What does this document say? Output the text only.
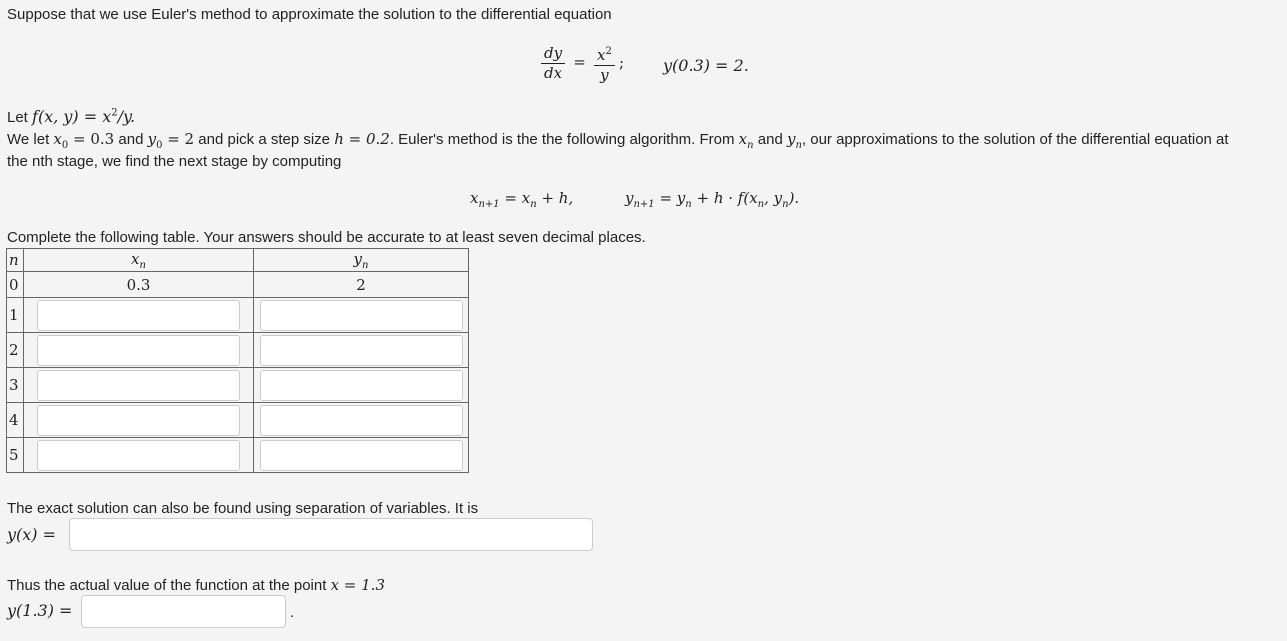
Suppose that we use Euler's method to approximate the solution to the differential equation
$\frac{dy}{dx} = \frac{x^2}{y}$ ; y(0.3) = 2.
Let f(x, $y) = x^2/y$.
We let $x_0 = 0.3$ and $y_0 = 2$ and pick a step size h = 0.2. Euler's method is the the following algorithm. From $x_n$ and $y_n$, our approximations to the solution of the differential equation at
the nth stage, we find the next stage by computing
$x_{n+1} = x_n + h$,	$y_{n+1} = y_n + h \cdot f(x_n$, $y_n$).
Complete the following table. Your answers should be accurate to at least seven decimal places.
n	$x_n$	$y_n$
0	0.3	2
1	

2	

3	

4	

5	

The exact solution can also be found using separation of variables. It is
y(x) =
Thus the actual value of the function at the point x = 1.3
y(1.3) =	.
